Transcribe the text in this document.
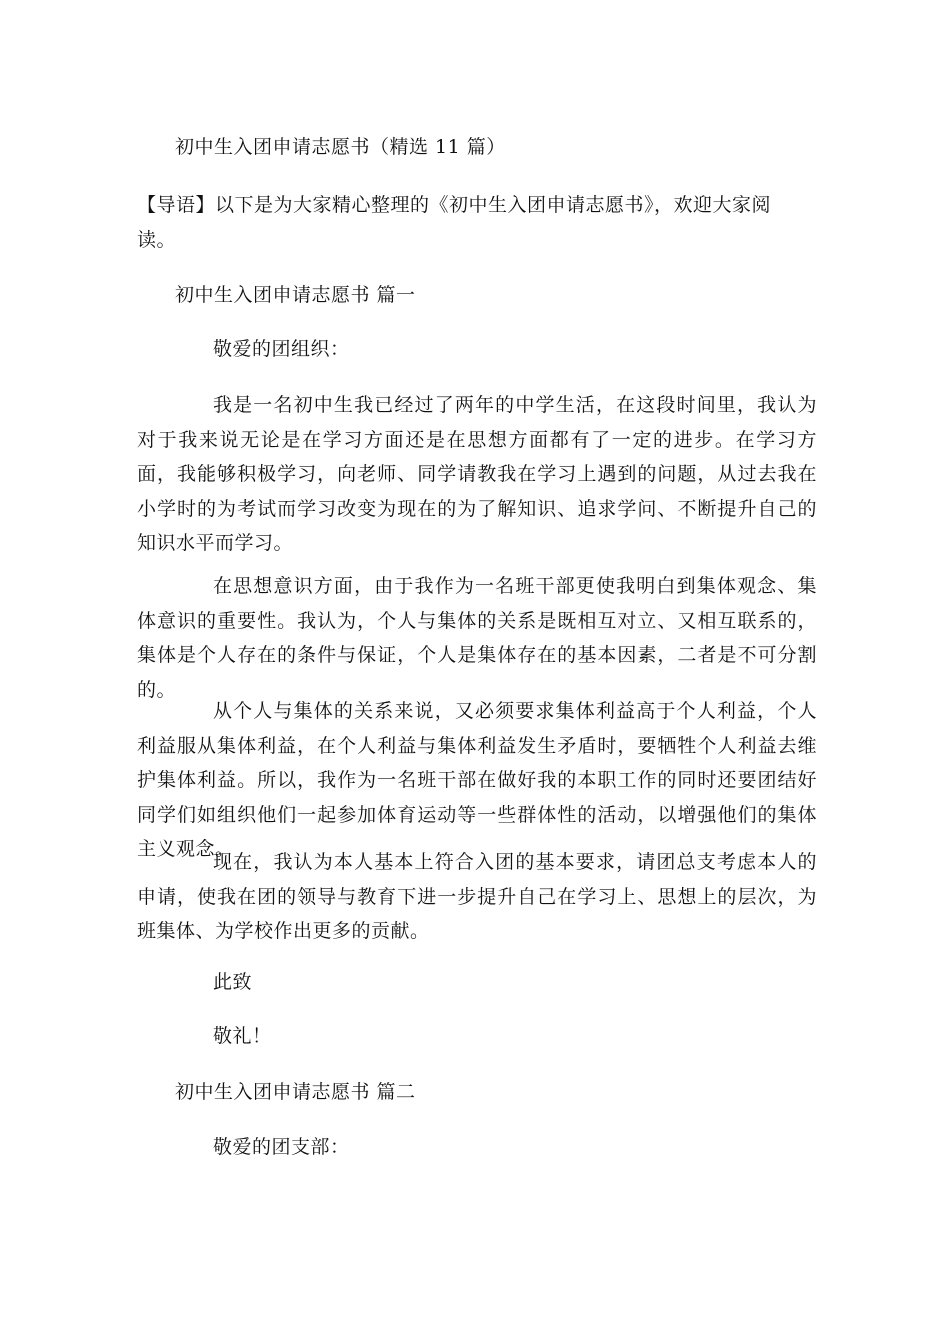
初中生入团申请志愿书（精选 11 篇）
【导语】以下是为大家精心整理的《初中生入团申请志愿书》，欢迎大家阅
读。
初中生入团申请志愿书 篇一
敬爱的团组织：
我是一名初中生我已经过了两年的中学生活，在这段时间里，我认为对于我来说无论是在学习方面还是在思想方面都有了一定的进步。在学习方面，我能够积极学习，向老师、同学请教我在学习上遇到的问题，从过去我在小学时的为考试而学习改变为现在的为了解知识、追求学问、不断提升自己的知识水平而学习。
在思想意识方面，由于我作为一名班干部更使我明白到集体观念、集体意识的重要性。我认为，个人与集体的关系是既相互对立、又相互联系的，集体是个人存在的条件与保证，个人是集体存在的基本因素，二者是不可分割的。
从个人与集体的关系来说，又必须要求集体利益高于个人利益，个人利益服从集体利益，在个人利益与集体利益发生矛盾时，要牺牲个人利益去维护集体利益。所以，我作为一名班干部在做好我的本职工作的同时还要团结好同学们如组织他们一起参加体育运动等一些群体性的活动，以增强他们的集体主义观念。
现在，我认为本人基本上符合入团的基本要求，请团总支考虑本人的申请，使我在团的领导与教育下进一步提升自己在学习上、思想上的层次，为班集体、为学校作出更多的贡献。
此致
敬礼！
初中生入团申请志愿书 篇二
敬爱的团支部：
